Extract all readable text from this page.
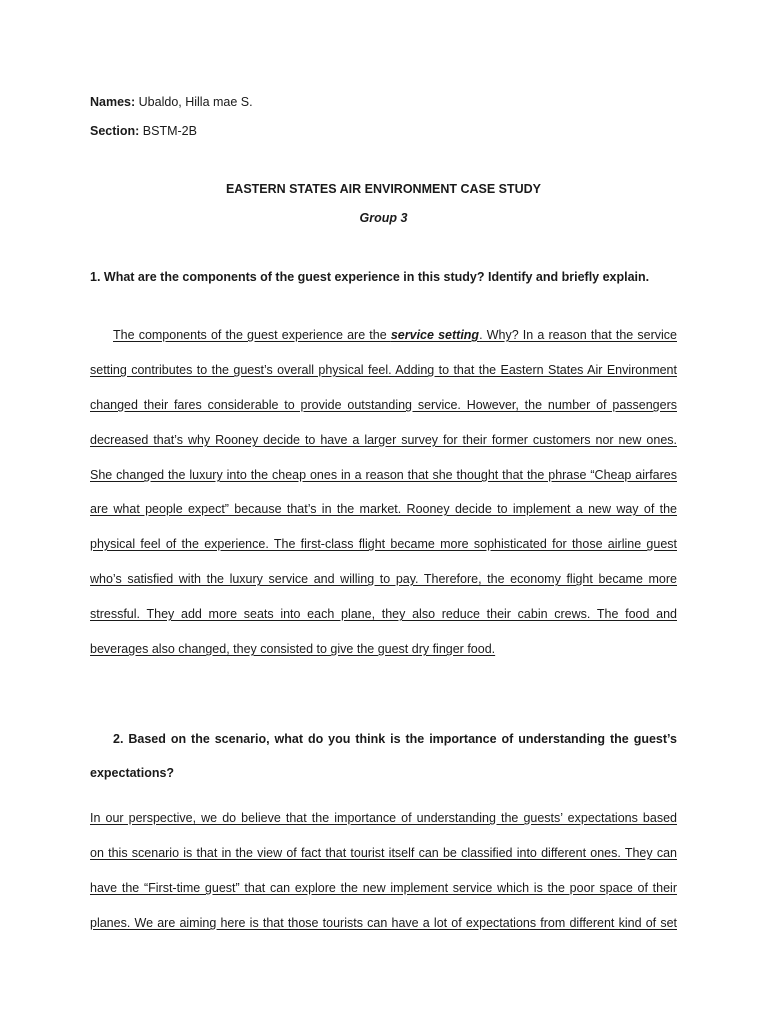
Names: Ubaldo, Hilla mae S.
Section: BSTM-2B
EASTERN STATES AIR ENVIRONMENT CASE STUDY
Group 3
1. What are the components of the guest experience in this study? Identify and briefly explain.
The components of the guest experience are the service setting. Why? In a reason that the service
setting contributes to the guest’s overall physical feel. Adding to that the Eastern States Air Environment
changed their fares considerable to provide outstanding service. However, the number of passengers
decreased that’s why Rooney decide to have a larger survey for their former customers nor new ones.
She changed the luxury into the cheap ones in a reason that she thought that the phrase “Cheap airfares
are what people expect” because that’s in the market. Rooney decide to implement a new way of the
physical feel of the experience. The first-class flight became more sophisticated for those airline guest
who’s satisfied with the luxury service and willing to pay. Therefore, the economy flight became more
stressful. They add more seats into each plane, they also reduce their cabin crews. The food and
beverages also changed, they consisted to give the guest dry finger food.
2. Based on the scenario, what do you think is the importance of understanding the guest’s
expectations?
In our perspective, we do believe that the importance of understanding the guests’ expectations based
on this scenario is that in the view of fact that tourist itself can be classified into different ones. They can
have the “First-time guest” that can explore the new implement service which is the poor space of their
planes. We are aiming here is that those tourists can have a lot of expectations from different kind of set
